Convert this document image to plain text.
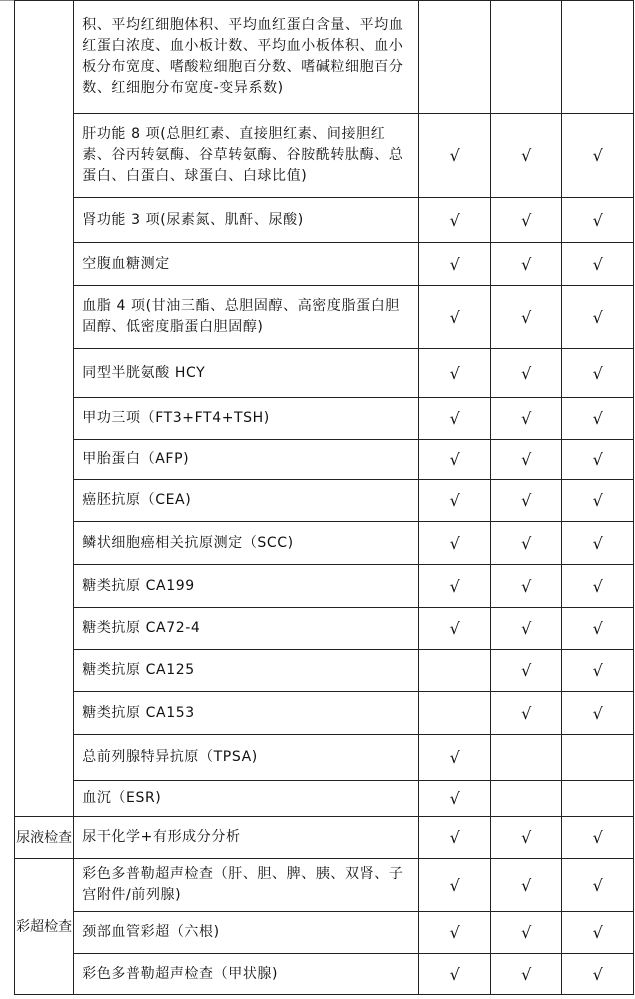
	积、平均红细胞体积、平均血红蛋白含量、平均血红蛋白浓度、血小板计数、平均血小板体积、血小板分布宽度、嗜酸粒细胞百分数、嗜碱粒细胞百分数、红细胞分布宽度-变异系数)			
	肝功能 8 项(总胆红素、直接胆红素、间接胆红素、谷丙转氨酶、谷草转氨酶、谷胺酰转肽酶、总蛋白、白蛋白、球蛋白、白球比值)	√	√	√
	肾功能 3 项(尿素氮、肌酐、尿酸)	√	√	√
	空腹血糖测定	√	√	√
	血脂 4 项(甘油三酯、总胆固醇、高密度脂蛋白胆固醇、低密度脂蛋白胆固醇)	√	√	√
	同型半胱氨酸 HCY	√	√	√
	甲功三项（FT3+FT4+TSH)	√	√	√
	甲胎蛋白（AFP)	√	√	√
	癌胚抗原（CEA)	√	√	√
	鳞状细胞癌相关抗原测定（SCC)	√	√	√
	糖类抗原 CA199	√	√	√
	糖类抗原 CA72-4	√	√	√
	糖类抗原 CA125		√	√
	糖类抗原 CA153		√	√
	总前列腺特异抗原（TPSA)	√		
	血沉（ESR)	√		
尿液检查	尿干化学+有形成分分析	√	√	√
彩超检查	彩色多普勒超声检查（肝、胆、脾、胰、双肾、子宫附件/前列腺)	√	√	√
	颈部血管彩超（六根)	√	√	√
	彩色多普勒超声检查（甲状腺)	√	√	√
